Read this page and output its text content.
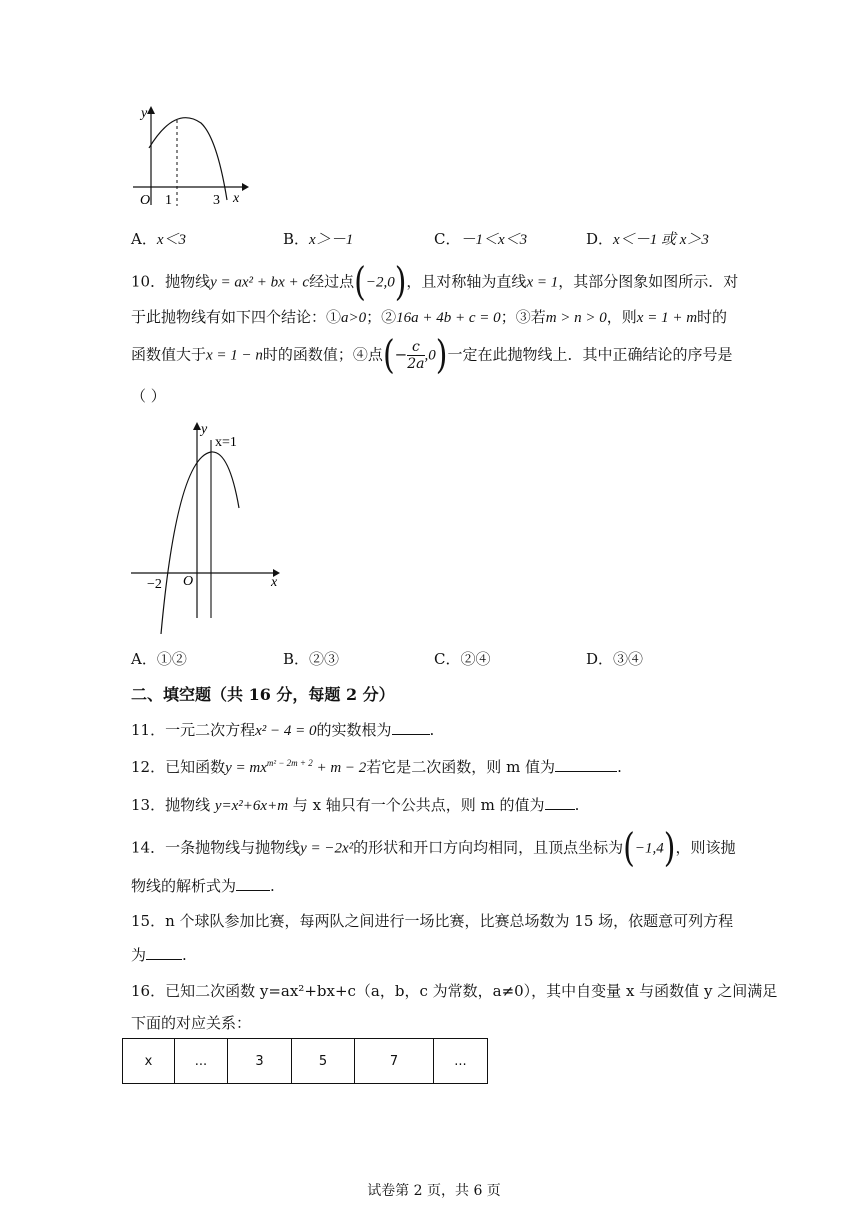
y
x
O 1	3
A．x＜3	B．x＞－1	C．－1＜x＜3	D．x＜－1 或 x＞3
10．抛物线y = ax² + bx + c经过点(−2,0)，且对称轴为直线x = 1，其部分图象如图所示．对
于此抛物线有如下四个结论：①a>0；②16a + 4b + c = 0；③若m > n > 0，则x = 1 + m时的
函数值大于x = 1 − n时的函数值；④点(− $\frac{c}{2a} ,0$)一定在此抛物线上．其中正确结论的序号是
（ ）
y
x=1
x
O
−2
A．①②	B．②③	C．②④	D．③④
二、填空题（共 16 分，每题 2 分）
11．一元二次方程x² − 4 = 0的实数根为	.
12．已知函数$y = mx^{m^2 - 2m + 2} + m - 2$若它是二次函数，则 m 值为	.
13．抛物线 y=x²+6x+m 与 x 轴只有一个公共点，则 m 的值为 .
14．一条抛物线与抛物线y = −2x²的形状和开口方向均相同，且顶点坐标为(−1,4)，则该抛
物线的解析式为 .
15．n 个球队参加比赛，每两队之间进行一场比赛，比赛总场数为 15 场，依题意可列方程
为 .
16．已知二次函数 y=ax²+bx+c（a，b，c 为常数，a≠0），其中自变量 x 与函数值 y 之间满足
下面的对应关系：
x	...	3	5	7	...
试卷第 2 页，共 6 页
